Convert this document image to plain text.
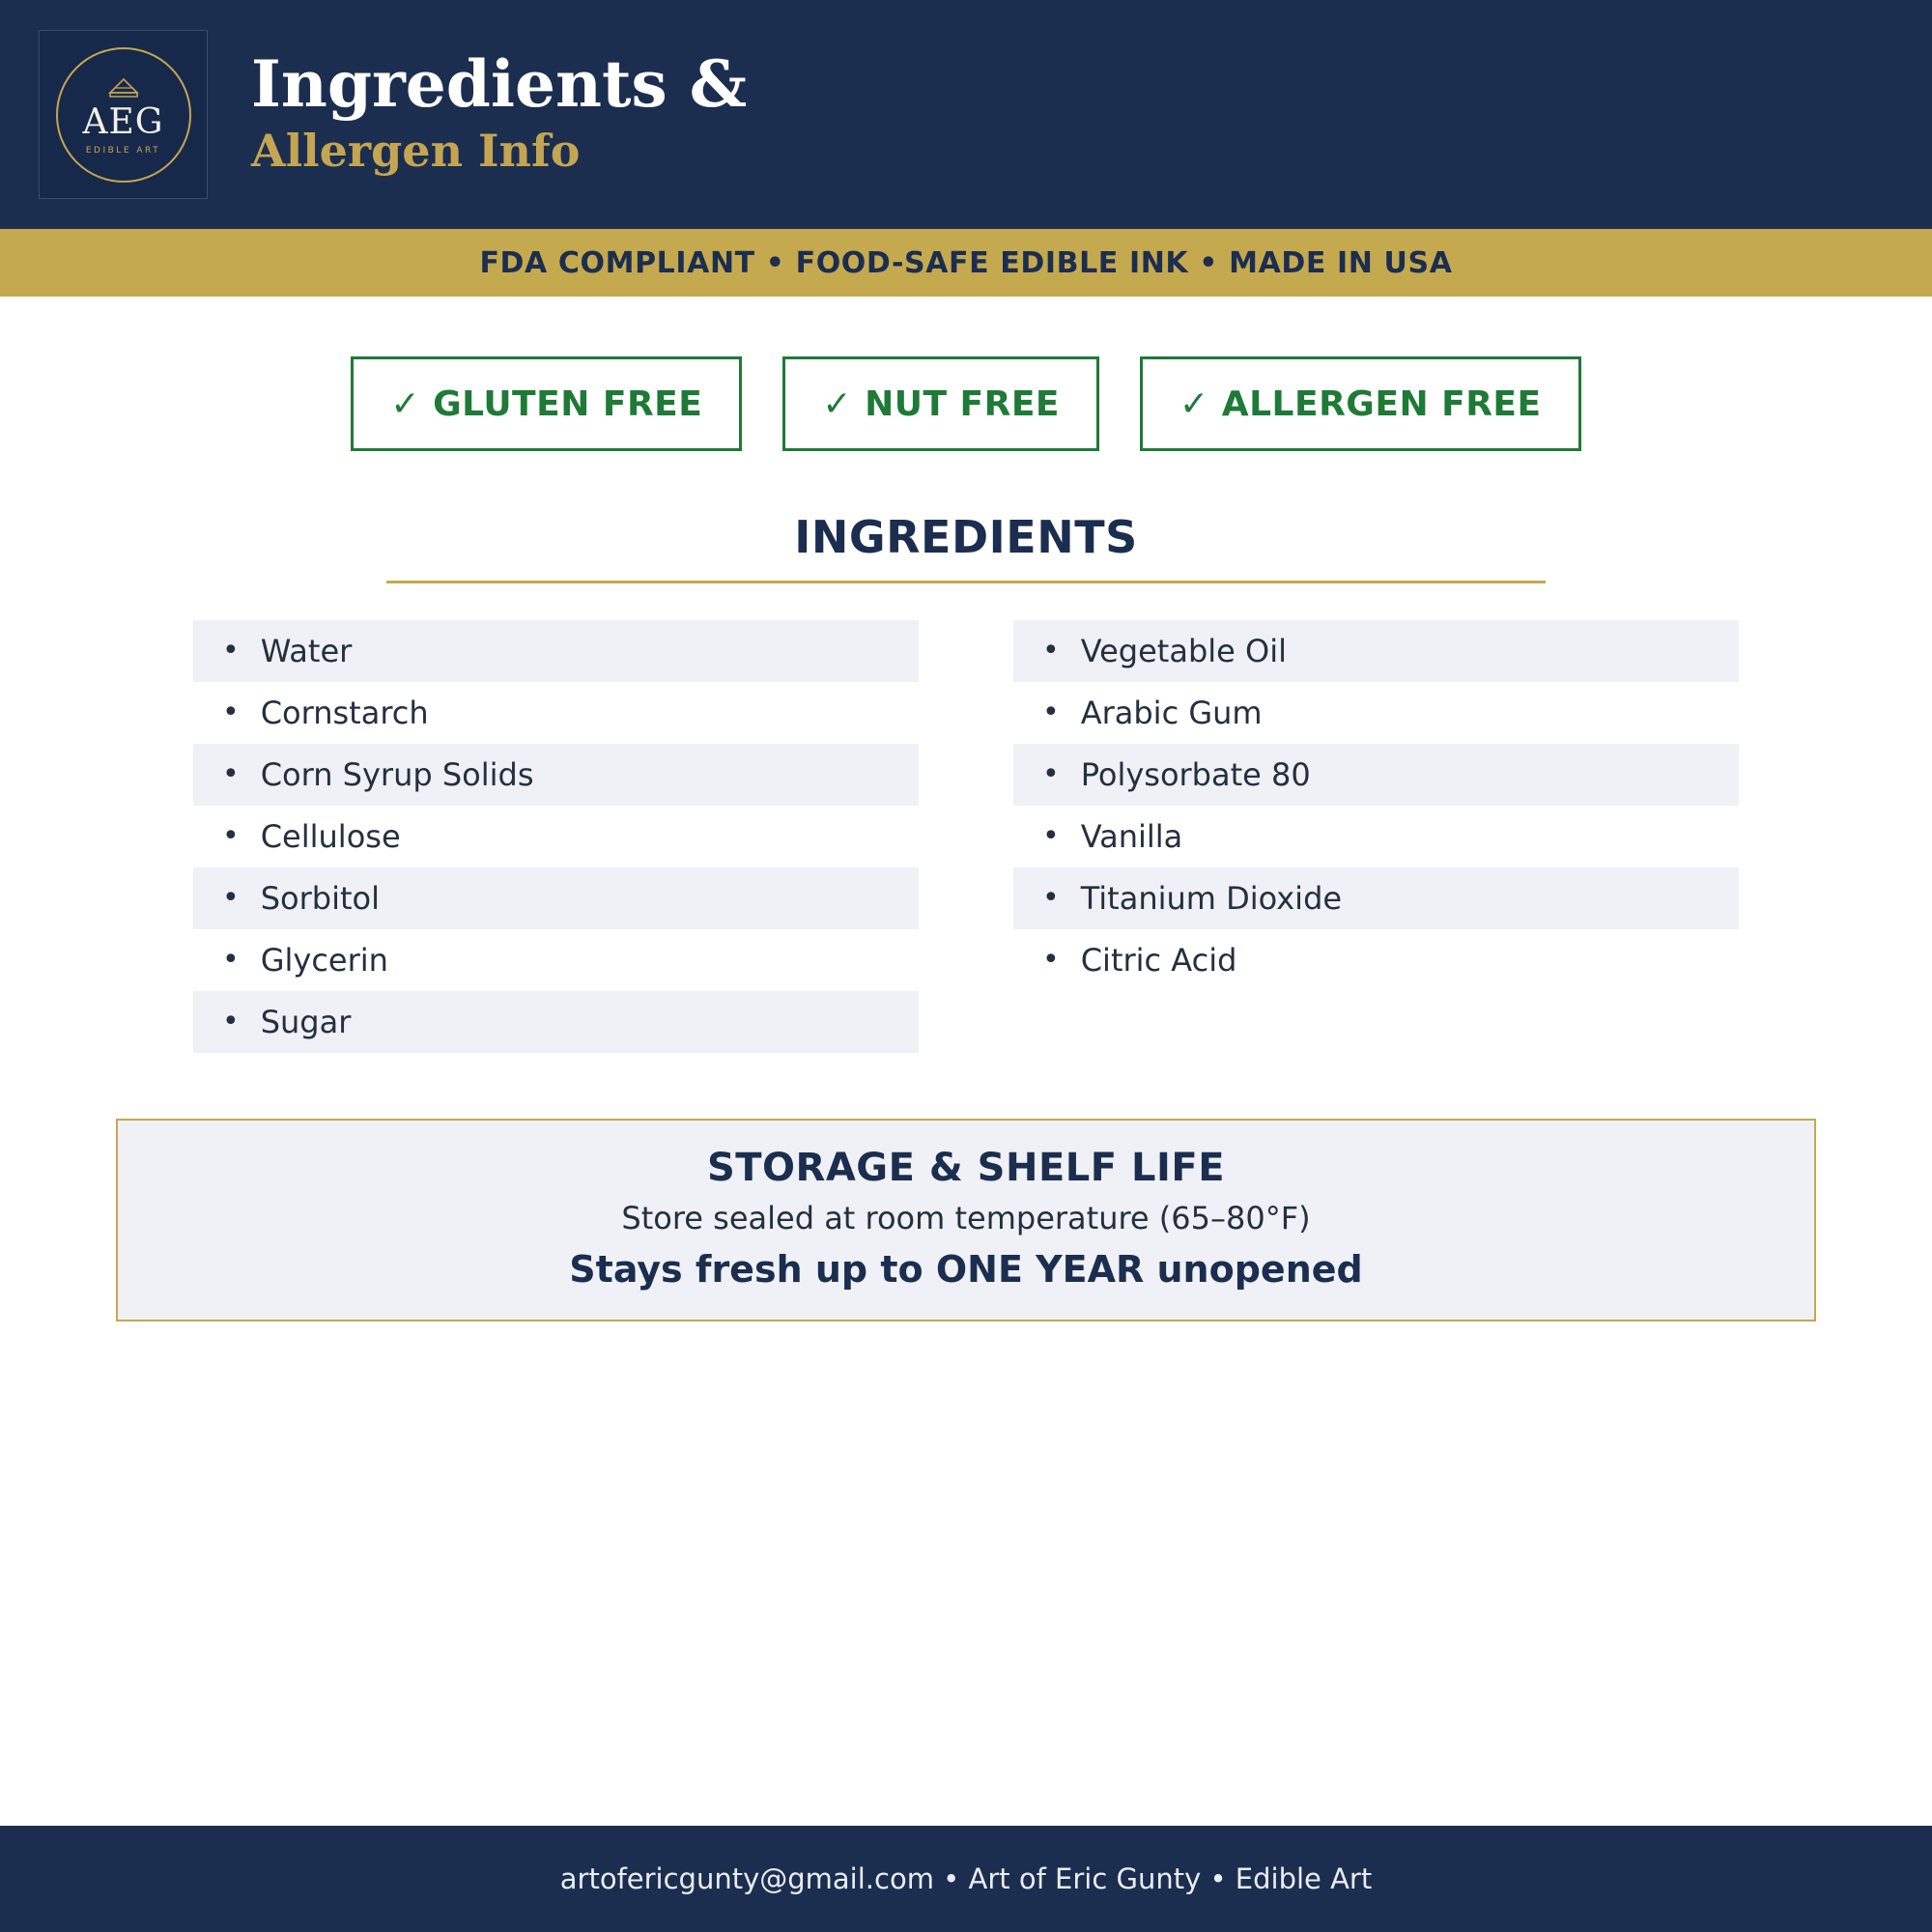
AEG
EDIBLE ART
Ingredients &
Allergen Info
FDA COMPLIANT • FOOD-SAFE EDIBLE INK • MADE IN USA
✓ GLUTEN FREE	✓ NUT FREE	✓ ALLERGEN FREE
INGREDIENTS
• Water
• Cornstarch
• Corn Syrup Solids
• Cellulose
• Sorbitol
• Glycerin
• Sugar
• Vegetable Oil
• Arabic Gum
• Polysorbate 80
• Vanilla
• Titanium Dioxide
• Citric Acid
STORAGE & SHELF LIFE
Store sealed at room temperature (65–80°F)
Stays fresh up to ONE YEAR unopened
artofericgunty@gmail.com • Art of Eric Gunty • Edible Art
